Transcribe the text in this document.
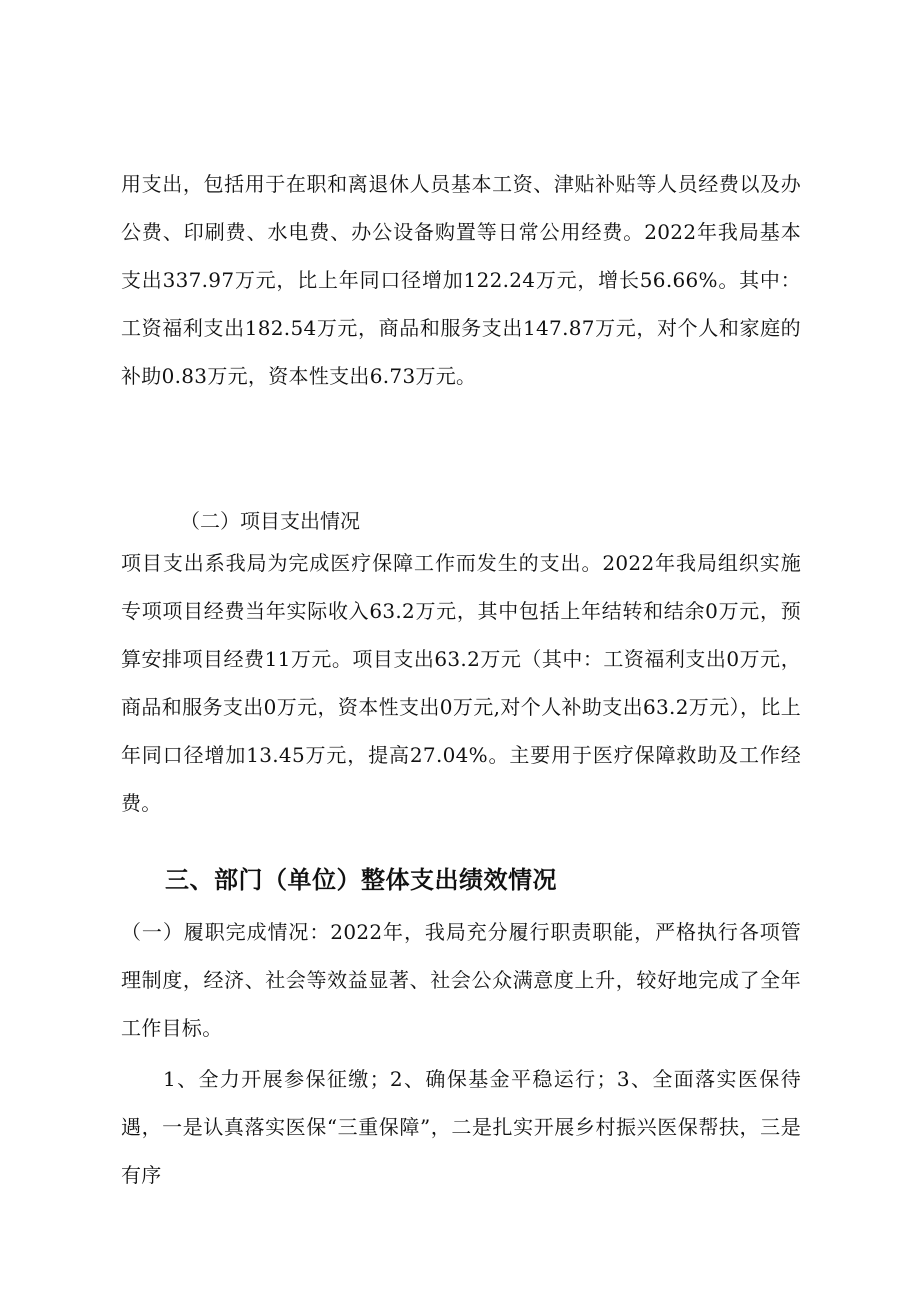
用支出，包括用于在职和离退休人员基本工资、津贴补贴等人员经费以及办公费、印刷费、水电费、办公设备购置等日常公用经费。2022年我局基本支出337.97万元，比上年同口径增加122.24万元，增长56.66%。其中：工资福利支出182.54万元，商品和服务支出147.87万元，对个人和家庭的补助0.83万元，资本性支出6.73万元。

（二）项目支出情况

项目支出系我局为完成医疗保障工作而发生的支出。2022年我局组织实施专项项目经费当年实际收入63.2万元，其中包括上年结转和结余0万元，预算安排项目经费11万元。项目支出63.2万元（其中：工资福利支出0万元，商品和服务支出0万元，资本性支出0万元,对个人补助支出63.2万元），比上年同口径增加13.45万元，提高27.04%。主要用于医疗保障救助及工作经费。

三、部门（单位）整体支出绩效情况

（一）履职完成情况：2022年，我局充分履行职责职能，严格执行各项管理制度，经济、社会等效益显著、社会公众满意度上升，较好地完成了全年工作目标。

1、全力开展参保征缴；2、确保基金平稳运行；3、全面落实医保待遇，一是认真落实医保“三重保障”，二是扎实开展乡村振兴医保帮扶，三是有序
